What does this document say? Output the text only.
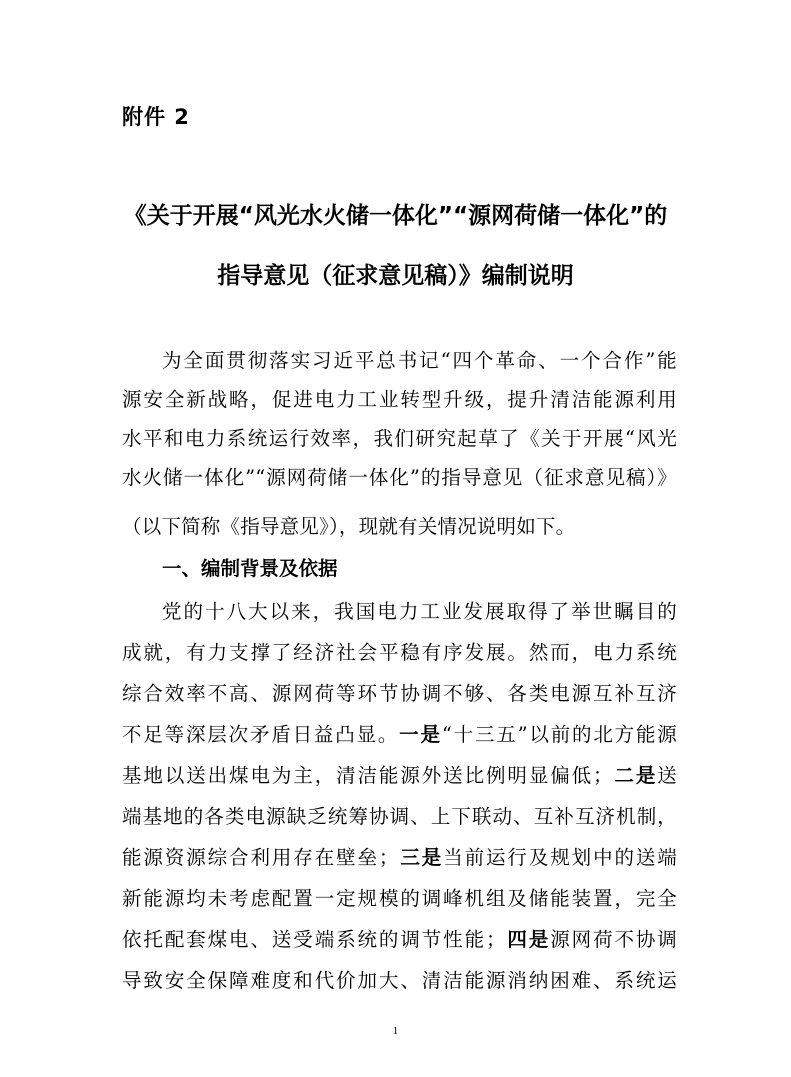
附件 2
《关于开展“风光水火储一体化”“源网荷储一体化”的
指导意见（征求意见稿）》编制说明
为全面贯彻落实习近平总书记“四个革命、一个合作”能
源安全新战略，促进电力工业转型升级，提升清洁能源利用
水平和电力系统运行效率，我们研究起草了《关于开展“风光
水火储一体化”“源网荷储一体化”的指导意见（征求意见稿）》
（以下简称《指导意见》），现就有关情况说明如下。
一、编制背景及依据
党的十八大以来，我国电力工业发展取得了举世瞩目的
成就，有力支撑了经济社会平稳有序发展。然而，电力系统
综合效率不高、源网荷等环节协调不够、各类电源互补互济
不足等深层次矛盾日益凸显。一是“十三五”以前的北方能源
基地以送出煤电为主，清洁能源外送比例明显偏低；二是送
端基地的各类电源缺乏统筹协调、上下联动、互补互济机制，
能源资源综合利用存在壁垒；三是当前运行及规划中的送端
新能源均未考虑配置一定规模的调峰机组及储能装置，完全
依托配套煤电、送受端系统的调节性能；四是源网荷不协调
导致安全保障难度和代价加大、清洁能源消纳困难、系统运
1
